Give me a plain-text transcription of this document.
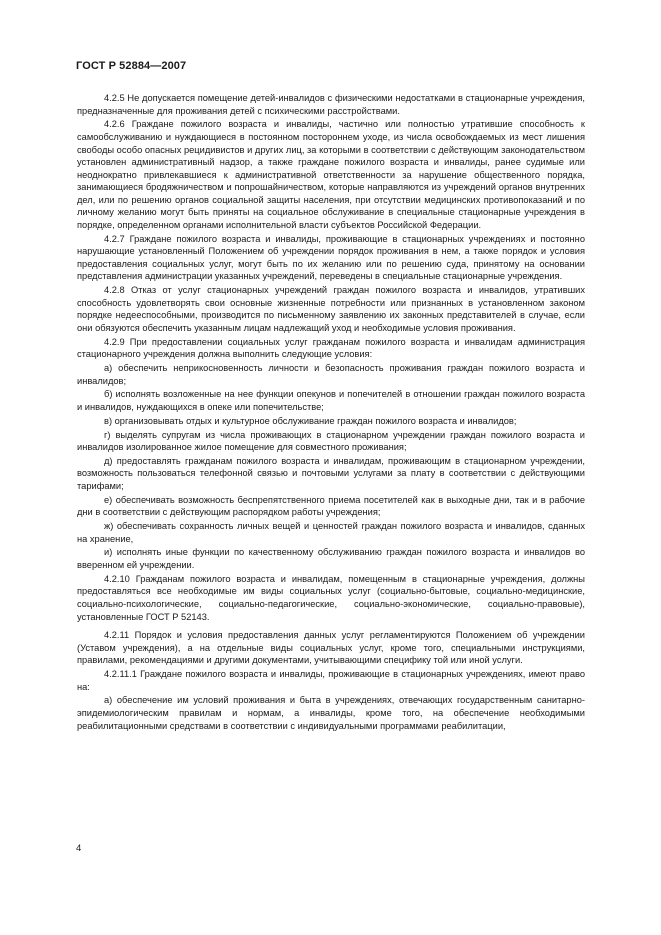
ГОСТ Р 52884—2007

4.2.5 Не допускается помещение детей-инвалидов с физическими недостатками в стационарные учреждения, предназначенные для проживания детей с психическими расстройствами.

4.2.6 Граждане пожилого возраста и инвалиды, частично или полностью утратившие способность к самообслуживанию и нуждающиеся в постоянном постороннем уходе, из числа освобождаемых из мест лишения свободы особо опасных рецидивистов и других лиц, за которыми в соответствии с действующим законодательством установлен административный надзор, а также граждане пожилого возраста и инвалиды, ранее судимые или неоднократно привлекавшиеся к административной ответственности за нарушение общественного порядка, занимающиеся бродяжничеством и попрошайничеством, которые направляются из учреждений органов внутренних дел, или по решению органов социальной защиты населения, при отсутствии медицинских противопоказаний и по личному желанию могут быть приняты на социальное обслуживание в специальные стационарные учреждения в порядке, определенном органами исполнительной власти субъектов Российской Федерации.

4.2.7 Граждане пожилого возраста и инвалиды, проживающие в стационарных учреждениях и постоянно нарушающие установленный Положением об учреждении порядок проживания в нем, а также порядок и условия предоставления социальных услуг, могут быть по их желанию или по решению суда, принятому на основании представления администрации указанных учреждений, переведены в специальные стационарные учреждения.

4.2.8 Отказ от услуг стационарных учреждений граждан пожилого возраста и инвалидов, утративших способность удовлетворять свои основные жизненные потребности или признанных в установленном законом порядке недееспособными, производится по письменному заявлению их законных представителей в случае, если они обязуются обеспечить указанным лицам надлежащий уход и необходимые условия проживания.

4.2.9 При предоставлении социальных услуг гражданам пожилого возраста и инвалидам администрация стационарного учреждения должна выполнить следующие условия:

а) обеспечить неприкосновенность личности и безопасность проживания граждан пожилого возраста и инвалидов;

б) исполнять возложенные на нее функции опекунов и попечителей в отношении граждан пожилого возраста и инвалидов, нуждающихся в опеке или попечительстве;

в) организовывать отдых и культурное обслуживание граждан пожилого возраста и инвалидов;

г) выделять супругам из числа проживающих в стационарном учреждении граждан пожилого возраста и инвалидов изолированное жилое помещение для совместного проживания;

д) предоставлять гражданам пожилого возраста и инвалидам, проживающим в стационарном учреждении, возможность пользоваться телефонной связью и почтовыми услугами за плату в соответствии с действующими тарифами;

е) обеспечивать возможность беспрепятственного приема посетителей как в выходные дни, так и в рабочие дни в соответствии с действующим распорядком работы учреждения;

ж) обеспечивать сохранность личных вещей и ценностей граждан пожилого возраста и инвалидов, сданных на хранение,

и) исполнять иные функции по качественному обслуживанию граждан пожилого возраста и инвалидов во вверенном ей учреждении.

4.2.10 Гражданам пожилого возраста и инвалидам, помещенным в стационарные учреждения, должны предоставляться все необходимые им виды социальных услуг (социально-бытовые, социально-медицинские, социально-психологические, социально-педагогические, социально-экономические, социально-правовые), установленные ГОСТ Р 52143.

4.2.11 Порядок и условия предоставления данных услуг регламентируются Положением об учреждении (Уставом учреждения), а на отдельные виды социальных услуг, кроме того, специальными инструкциями, правилами, рекомендациями и другими документами, учитывающими специфику той или иной услуги.

4.2.11.1 Граждане пожилого возраста и инвалиды, проживающие в стационарных учреждениях, имеют право на:

а) обеспечение им условий проживания и быта в учреждениях, отвечающих государственным санитарно-эпидемиологическим правилам и нормам, а инвалиды, кроме того, на обеспечение необходимыми реабилитационными средствами в соответствии с индивидуальными программами реабилитации,

4
